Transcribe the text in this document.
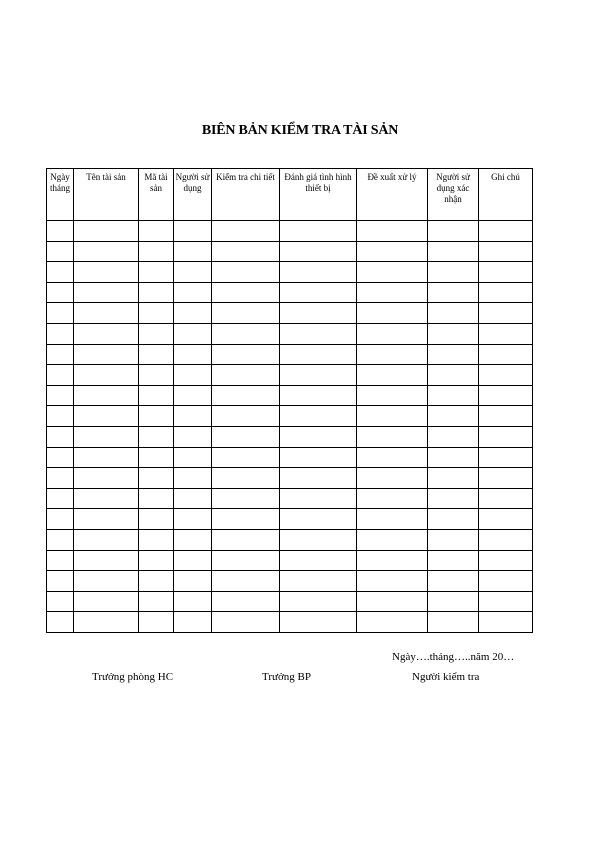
BIÊN BẢN KIỂM TRA TÀI SẢN
Ngày tháng	Tên tài sản	Mã tài sản	Người sử dụng	Kiểm tra chi tiết	Đánh giá tình hình thiết bị	Đề xuất xử lý	Người sử dụng xác nhận	Ghi chú

Ngày….tháng…..năm 20…
Trưởng phòng HC	Trưởng BP	Người kiểm tra
